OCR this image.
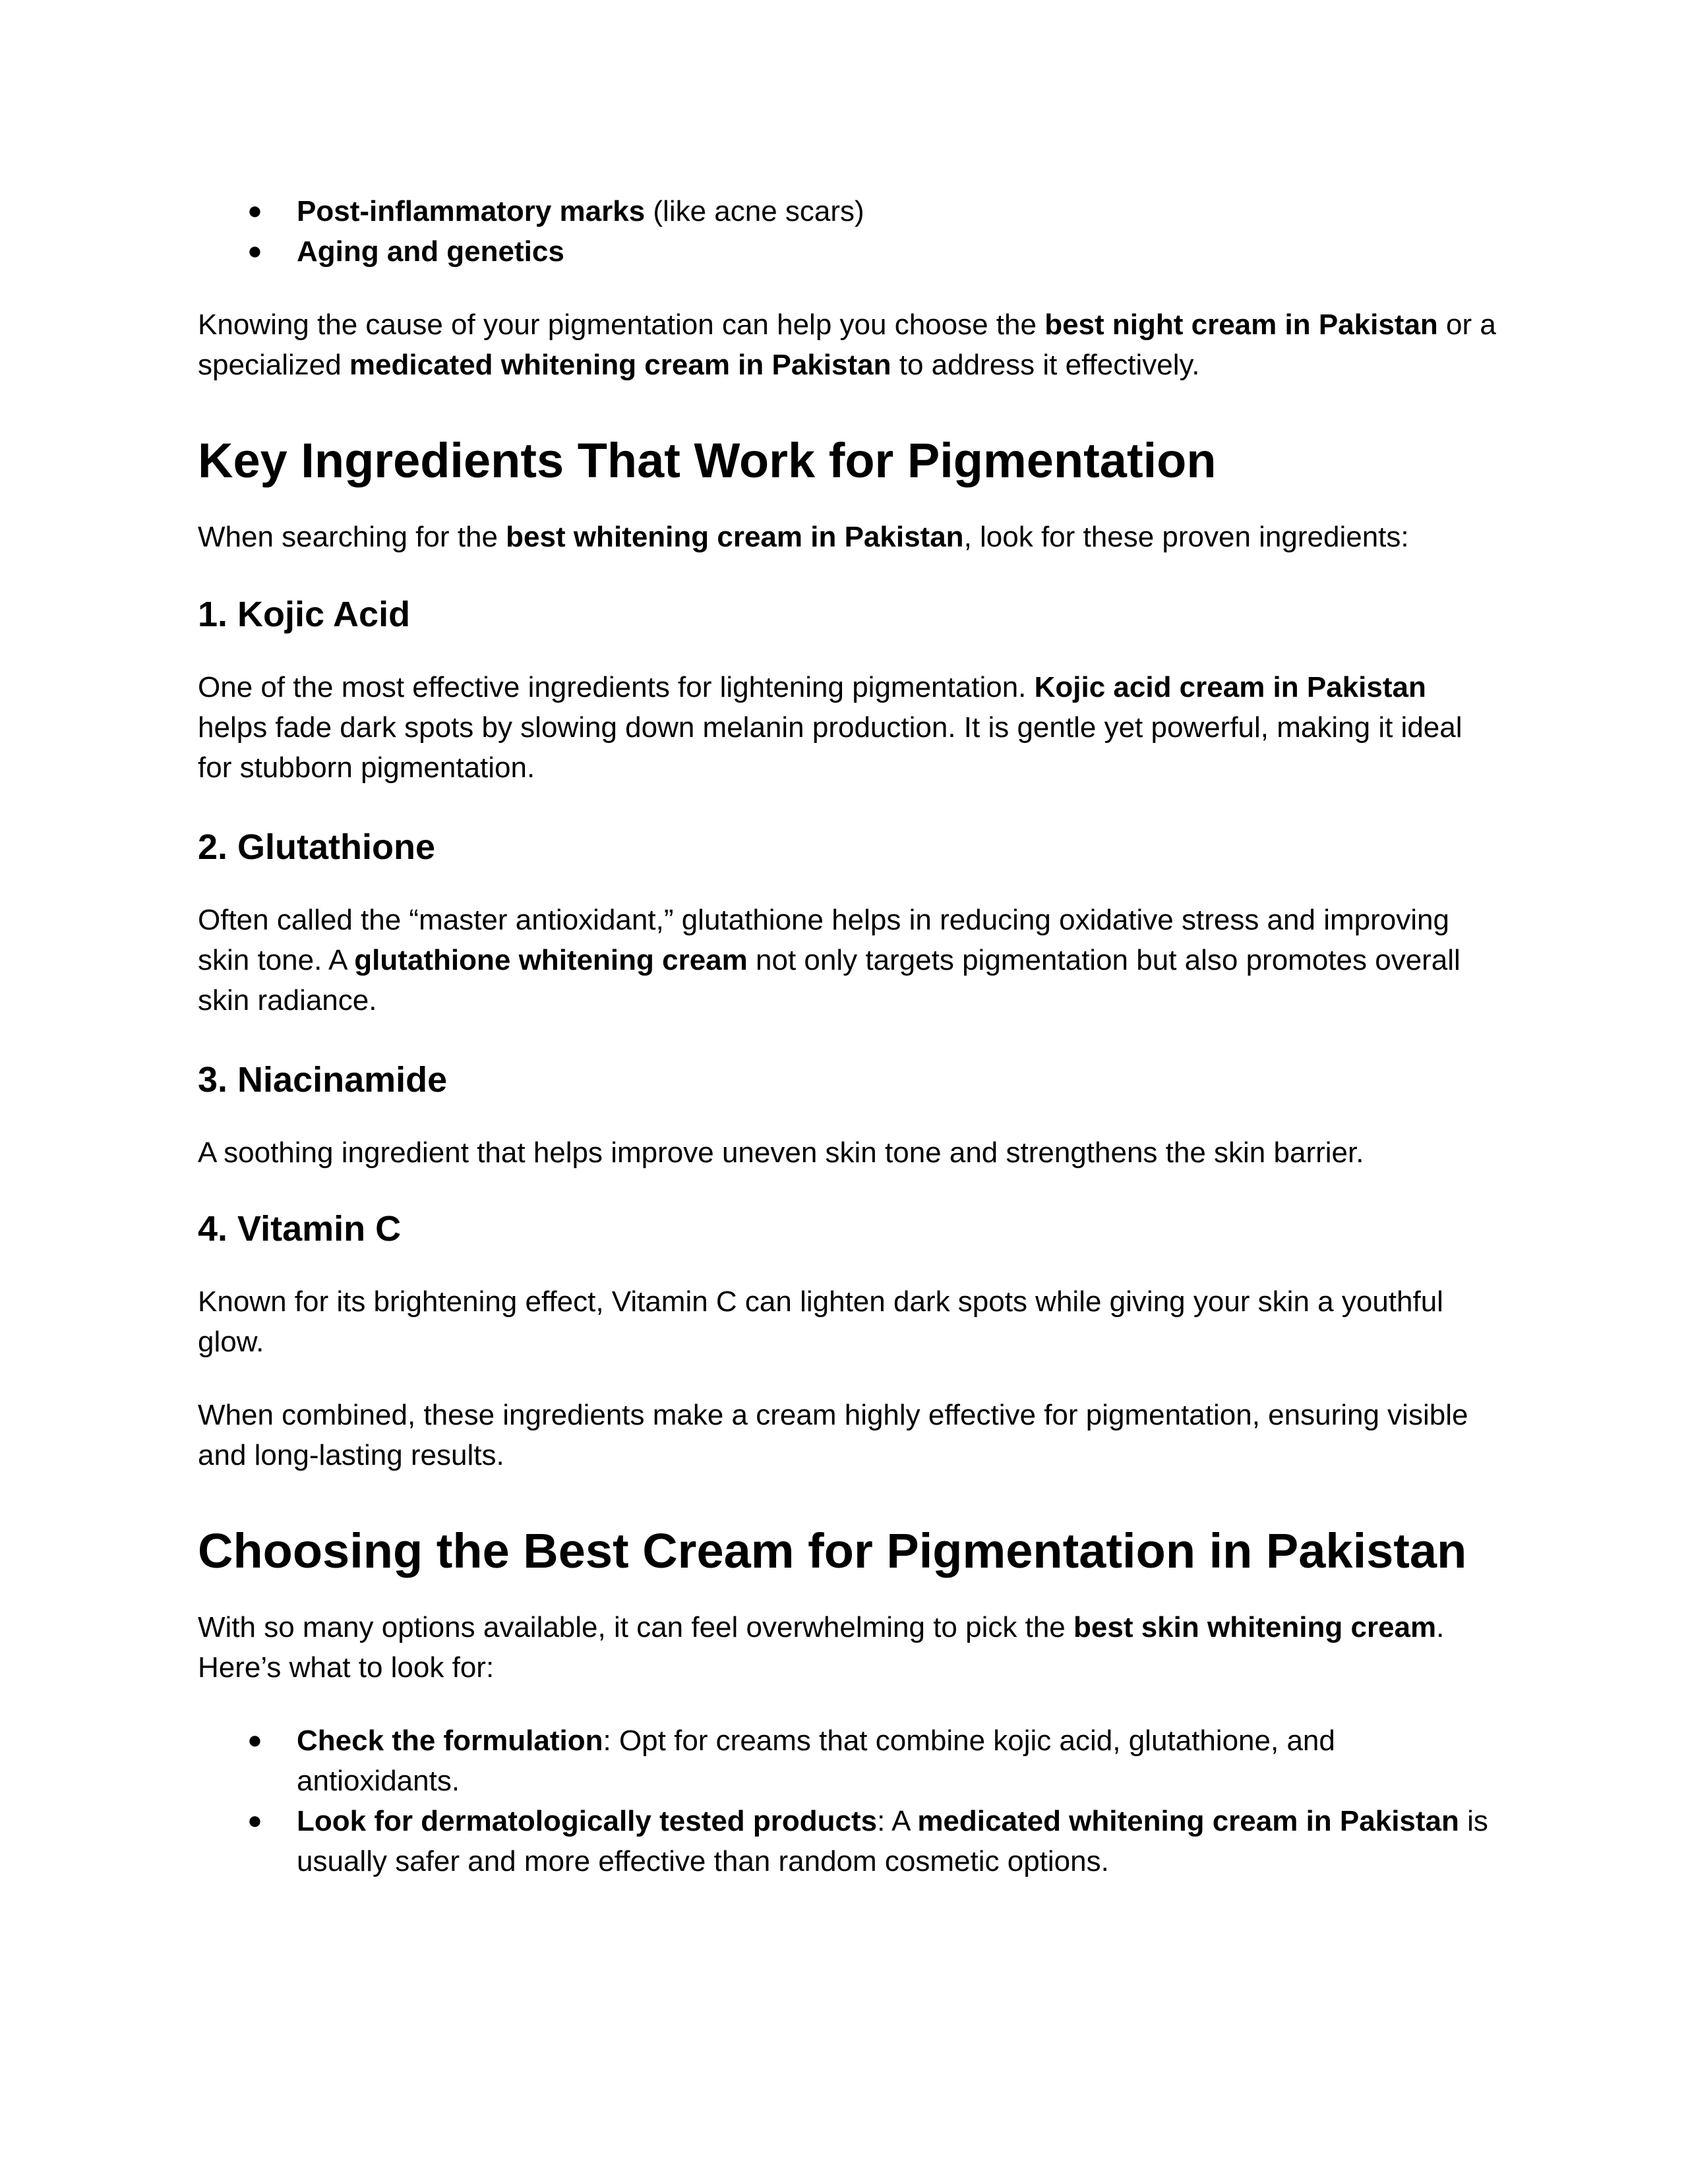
● Post-inflammatory marks (like acne scars)
● Aging and genetics

Knowing the cause of your pigmentation can help you choose the best night cream in Pakistan or a specialized medicated whitening cream in Pakistan to address it effectively.

Key Ingredients That Work for Pigmentation

When searching for the best whitening cream in Pakistan, look for these proven ingredients:

1. Kojic Acid

One of the most effective ingredients for lightening pigmentation. Kojic acid cream in Pakistan helps fade dark spots by slowing down melanin production. It is gentle yet powerful, making it ideal for stubborn pigmentation.

2. Glutathione

Often called the “master antioxidant,” glutathione helps in reducing oxidative stress and improving skin tone. A glutathione whitening cream not only targets pigmentation but also promotes overall skin radiance.

3. Niacinamide

A soothing ingredient that helps improve uneven skin tone and strengthens the skin barrier.

4. Vitamin C

Known for its brightening effect, Vitamin C can lighten dark spots while giving your skin a youthful glow.

When combined, these ingredients make a cream highly effective for pigmentation, ensuring visible and long-lasting results.

Choosing the Best Cream for Pigmentation in Pakistan

With so many options available, it can feel overwhelming to pick the best skin whitening cream. Here’s what to look for:

● Check the formulation: Opt for creams that combine kojic acid, glutathione, and antioxidants.
● Look for dermatologically tested products: A medicated whitening cream in Pakistan is usually safer and more effective than random cosmetic options.
